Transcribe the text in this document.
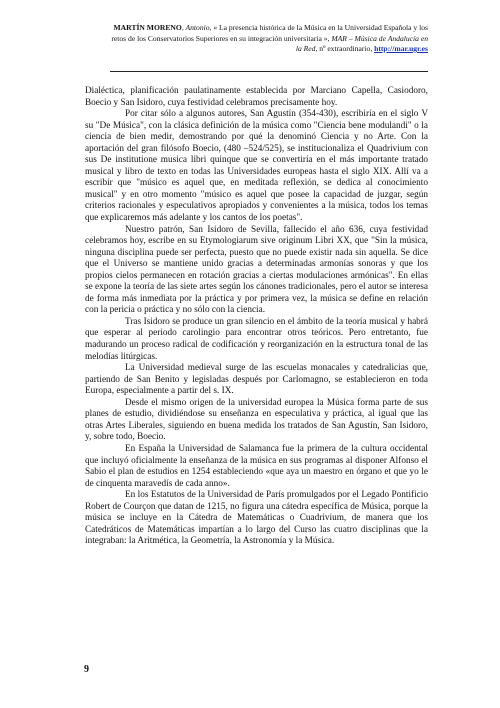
MARTÍN MORENO, Antonio, « La presencia histórica de la Música en la Universidad Española y los retos de los Conservatorios Superiores en su integración universitaria », MAR – Música de Andalucía en la Red, nº extraordinario, http://mar.ugr.es

Dialéctica, planificación paulatinamente establecida por Marciano Capella, Casiodoro, Boecio y San Isidoro, cuya festividad celebramos precisamente hoy.

Por citar sólo a algunos autores, San Agustín (354-430), escribiría en el siglo V su "De Música", con la clásica definición de la música como "Ciencia bene modulandi" o la ciencia de bien medir, demostrando por qué la denominó Ciencia y no Arte. Con la aportación del gran filósofo Boecio, (480 –524/525), se institucionaliza el Quadrivium con sus De institutione musica libri quinque que se convertiría en el más importante tratado musical y libro de texto en todas las Universidades europeas hasta el siglo XIX. Allí va a escribir que "músico es aquel que, en meditada reflexión, se dedica al conocimiento musical" y en otro momento "músico es aquel que posee la capacidad de juzgar, según criterios racionales y especulativos apropiados y convenientes a la música, todos los temas que explicaremos más adelante y los cantos de los poetas".

Nuestro patrón, San Isidoro de Sevilla, fallecido el año 636, cuya festividad celebramos hoy, escribe en su Etymologiarum sive originum Libri XX, que "Sin la música, ninguna disciplina puede ser perfecta, puesto que no puede existir nada sin aquella. Se dice que el Universo se mantiene unido gracias a determinadas armonías sonoras y que los propios cielos permanecen en rotación gracias a ciertas modulaciones armónicas". En ellas se expone la teoría de las siete artes según los cánones tradicionales, pero el autor se interesa de forma más inmediata por la práctica y por primera vez, la música se define en relación con la pericia o práctica y no sólo con la ciencia.

Tras Isidoro se produce un gran silencio en el ámbito de la teoría musical y habrá que esperar al periodo carolingio para encontrar otros teóricos. Pero entretanto, fue madurando un proceso radical de codificación y reorganización en la estructura tonal de las melodías litúrgicas.

La Universidad medieval surge de las escuelas monacales y catedralicias que, partiendo de San Benito y legisladas después por Carlomagno, se establecieron en toda Europa, especialmente a partir del s. IX.

Desde el mismo origen de la universidad europea la Música forma parte de sus planes de estudio, dividiéndose su enseñanza en especulativa y práctica, al igual que las otras Artes Liberales, siguiendo en buena medida los tratados de San Agustín, San Isidoro, y, sobre todo, Boecio.

En España la Universidad de Salamanca fue la primera de la cultura occidental que incluyó oficialmente la enseñanza de la música en sus programas al disponer Alfonso el Sabio el plan de estudios en 1254 estableciendo «que aya un maestro en órgano et que yo le de cinquenta maravedís de cada anno».

En los Estatutos de la Universidad de París promulgados por el Legado Pontificio Robert de Courçon que datan de 1215, no figura una cátedra específica de Música, porque la música se incluye en la Cátedra de Matemáticas o Cuadrivium, de manera que los Catedráticos de Matemáticas impartían a lo largo del Curso las cuatro disciplinas que la integraban: la Aritmética, la Geometría, la Astronomía y la Música.

9
